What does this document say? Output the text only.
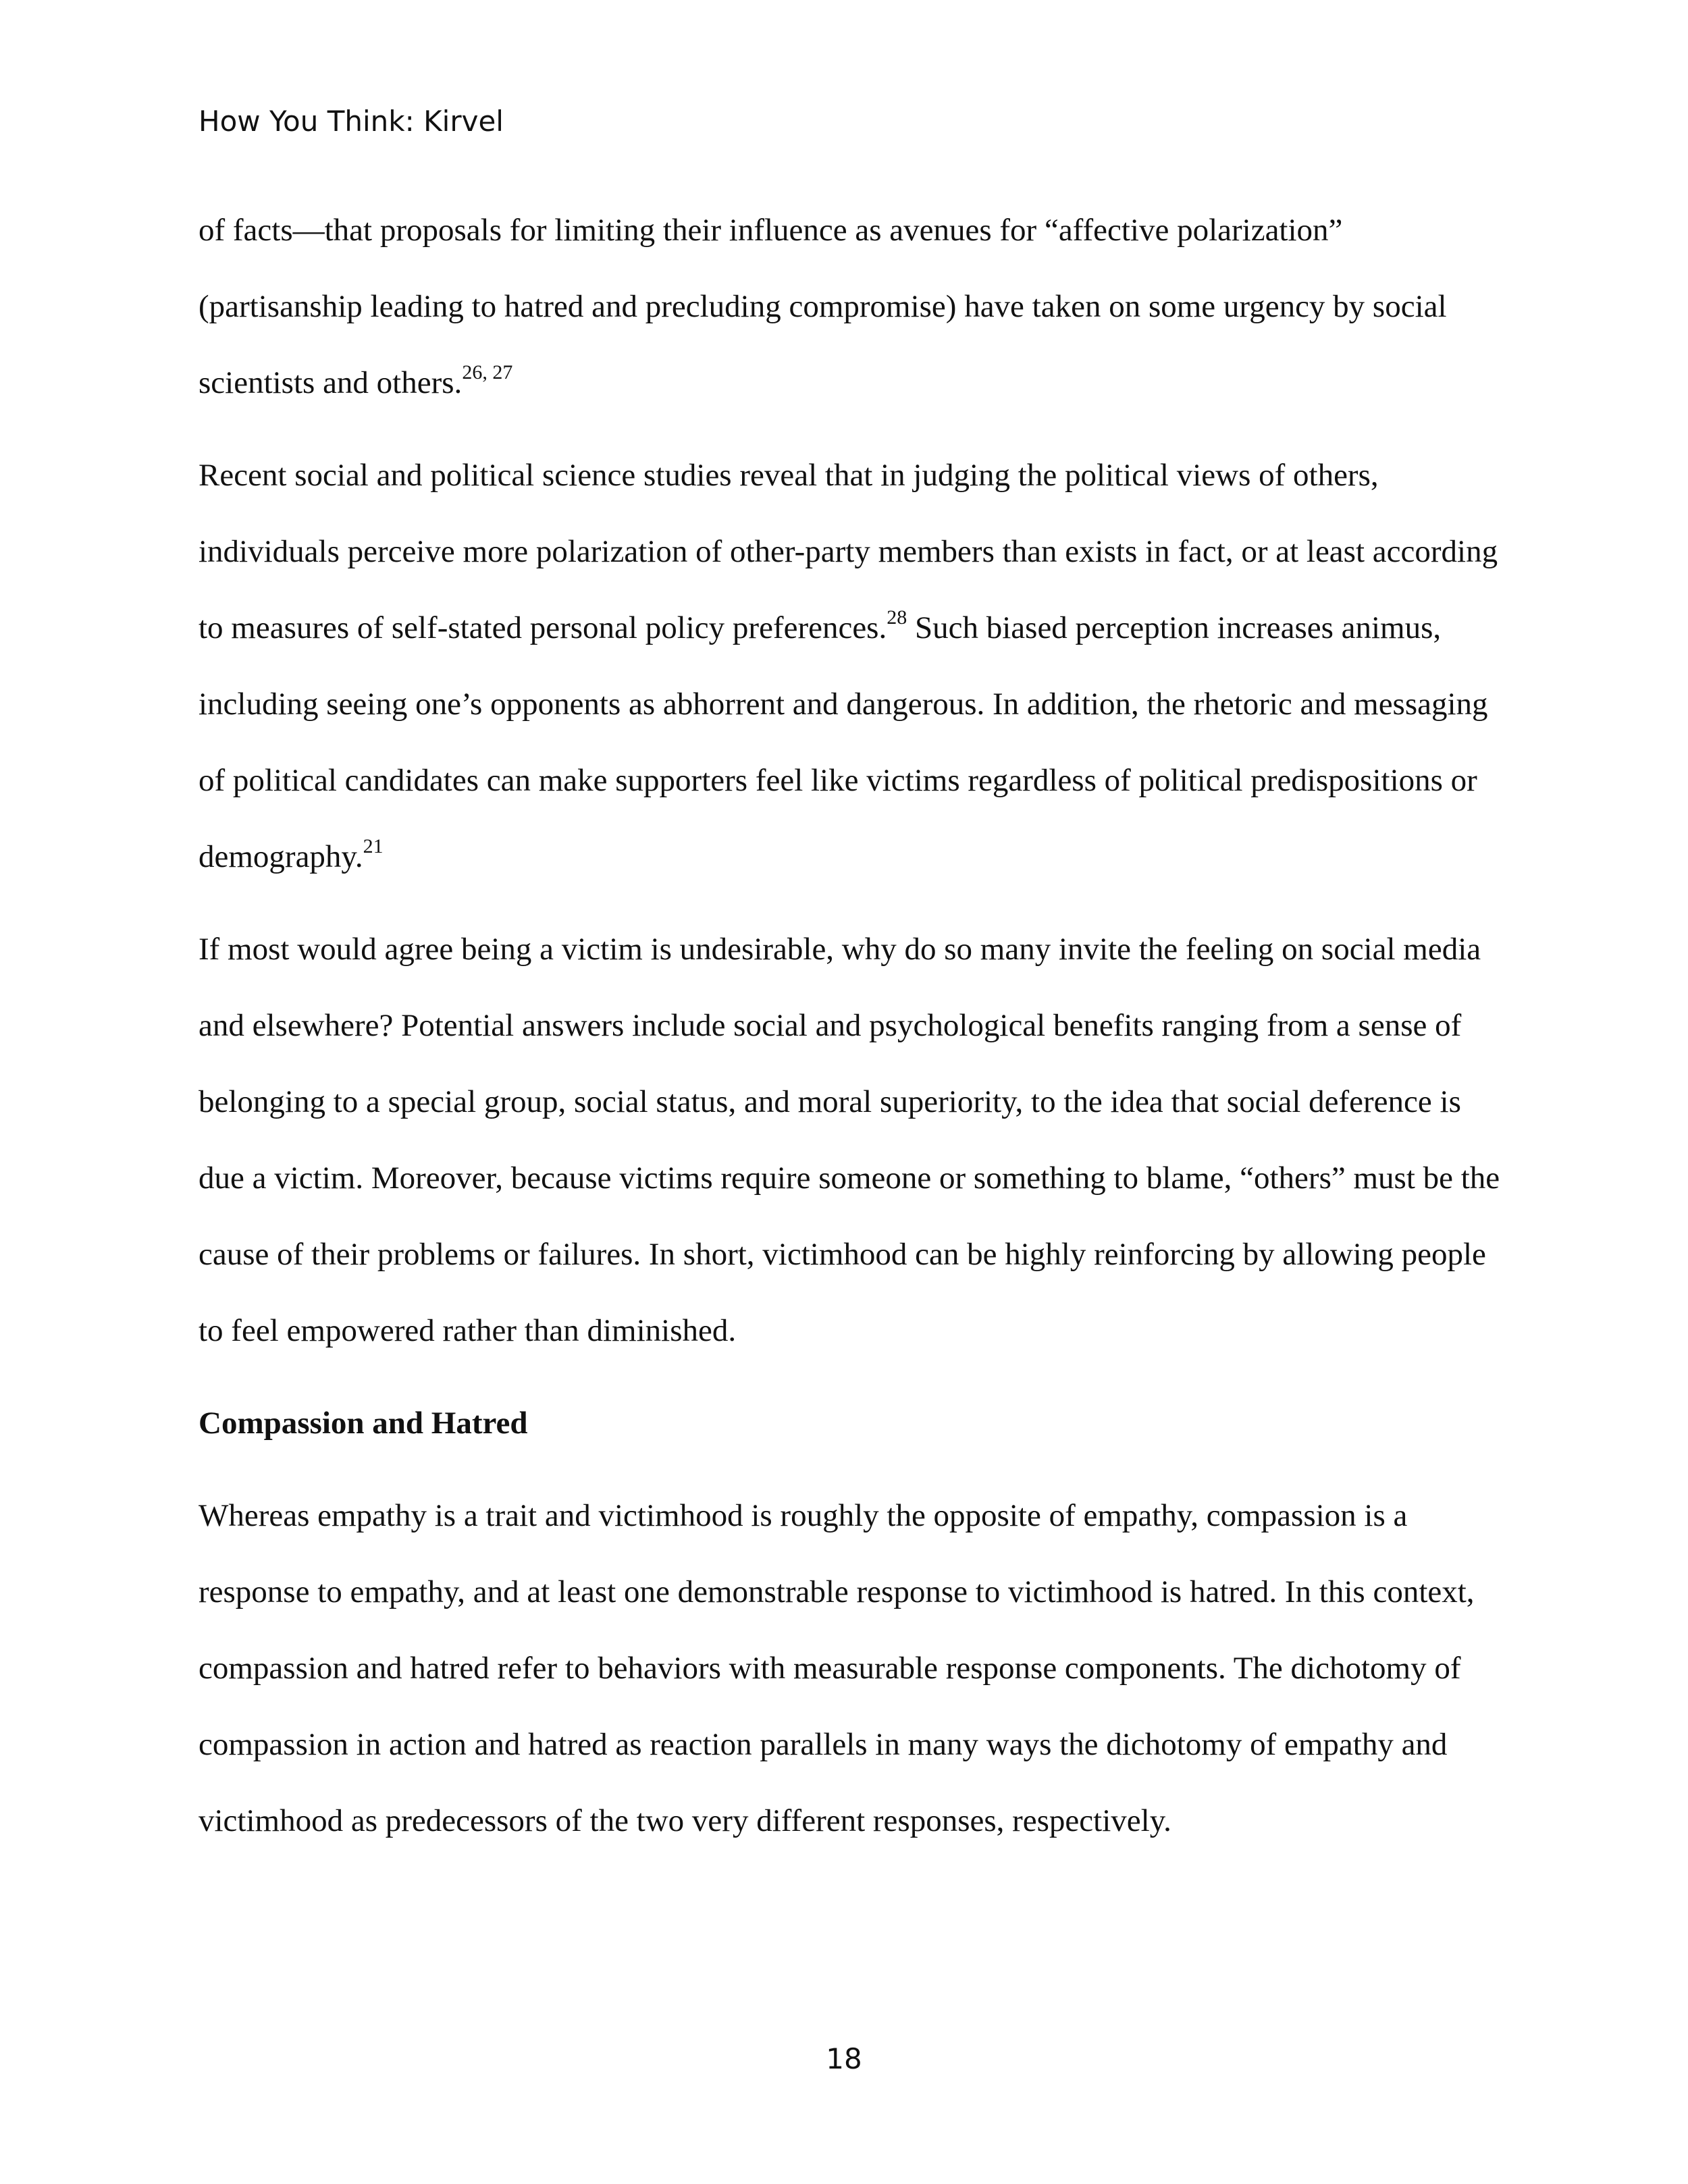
How You Think: Kirvel

of facts—that proposals for limiting their influence as avenues for “affective polarization” (partisanship leading to hatred and precluding compromise) have taken on some urgency by social scientists and others.$^{26, 27}$

Recent social and political science studies reveal that in judging the political views of others, individuals perceive more polarization of other-party members than exists in fact, or at least according to measures of self-stated personal policy preferences.$^{28}$ Such biased perception increases animus, including seeing one’s opponents as abhorrent and dangerous. In addition, the rhetoric and messaging of political candidates can make supporters feel like victims regardless of political predispositions or demography.$^{21}$

If most would agree being a victim is undesirable, why do so many invite the feeling on social media and elsewhere? Potential answers include social and psychological benefits ranging from a sense of belonging to a special group, social status, and moral superiority, to the idea that social deference is due a victim. Moreover, because victims require someone or something to blame, “others” must be the cause of their problems or failures. In short, victimhood can be highly reinforcing by allowing people to feel empowered rather than diminished.

Compassion and Hatred

Whereas empathy is a trait and victimhood is roughly the opposite of empathy, compassion is a response to empathy, and at least one demonstrable response to victimhood is hatred. In this context, compassion and hatred refer to behaviors with measurable response components. The dichotomy of compassion in action and hatred as reaction parallels in many ways the dichotomy of empathy and victimhood as predecessors of the two very different responses, respectively.

18
